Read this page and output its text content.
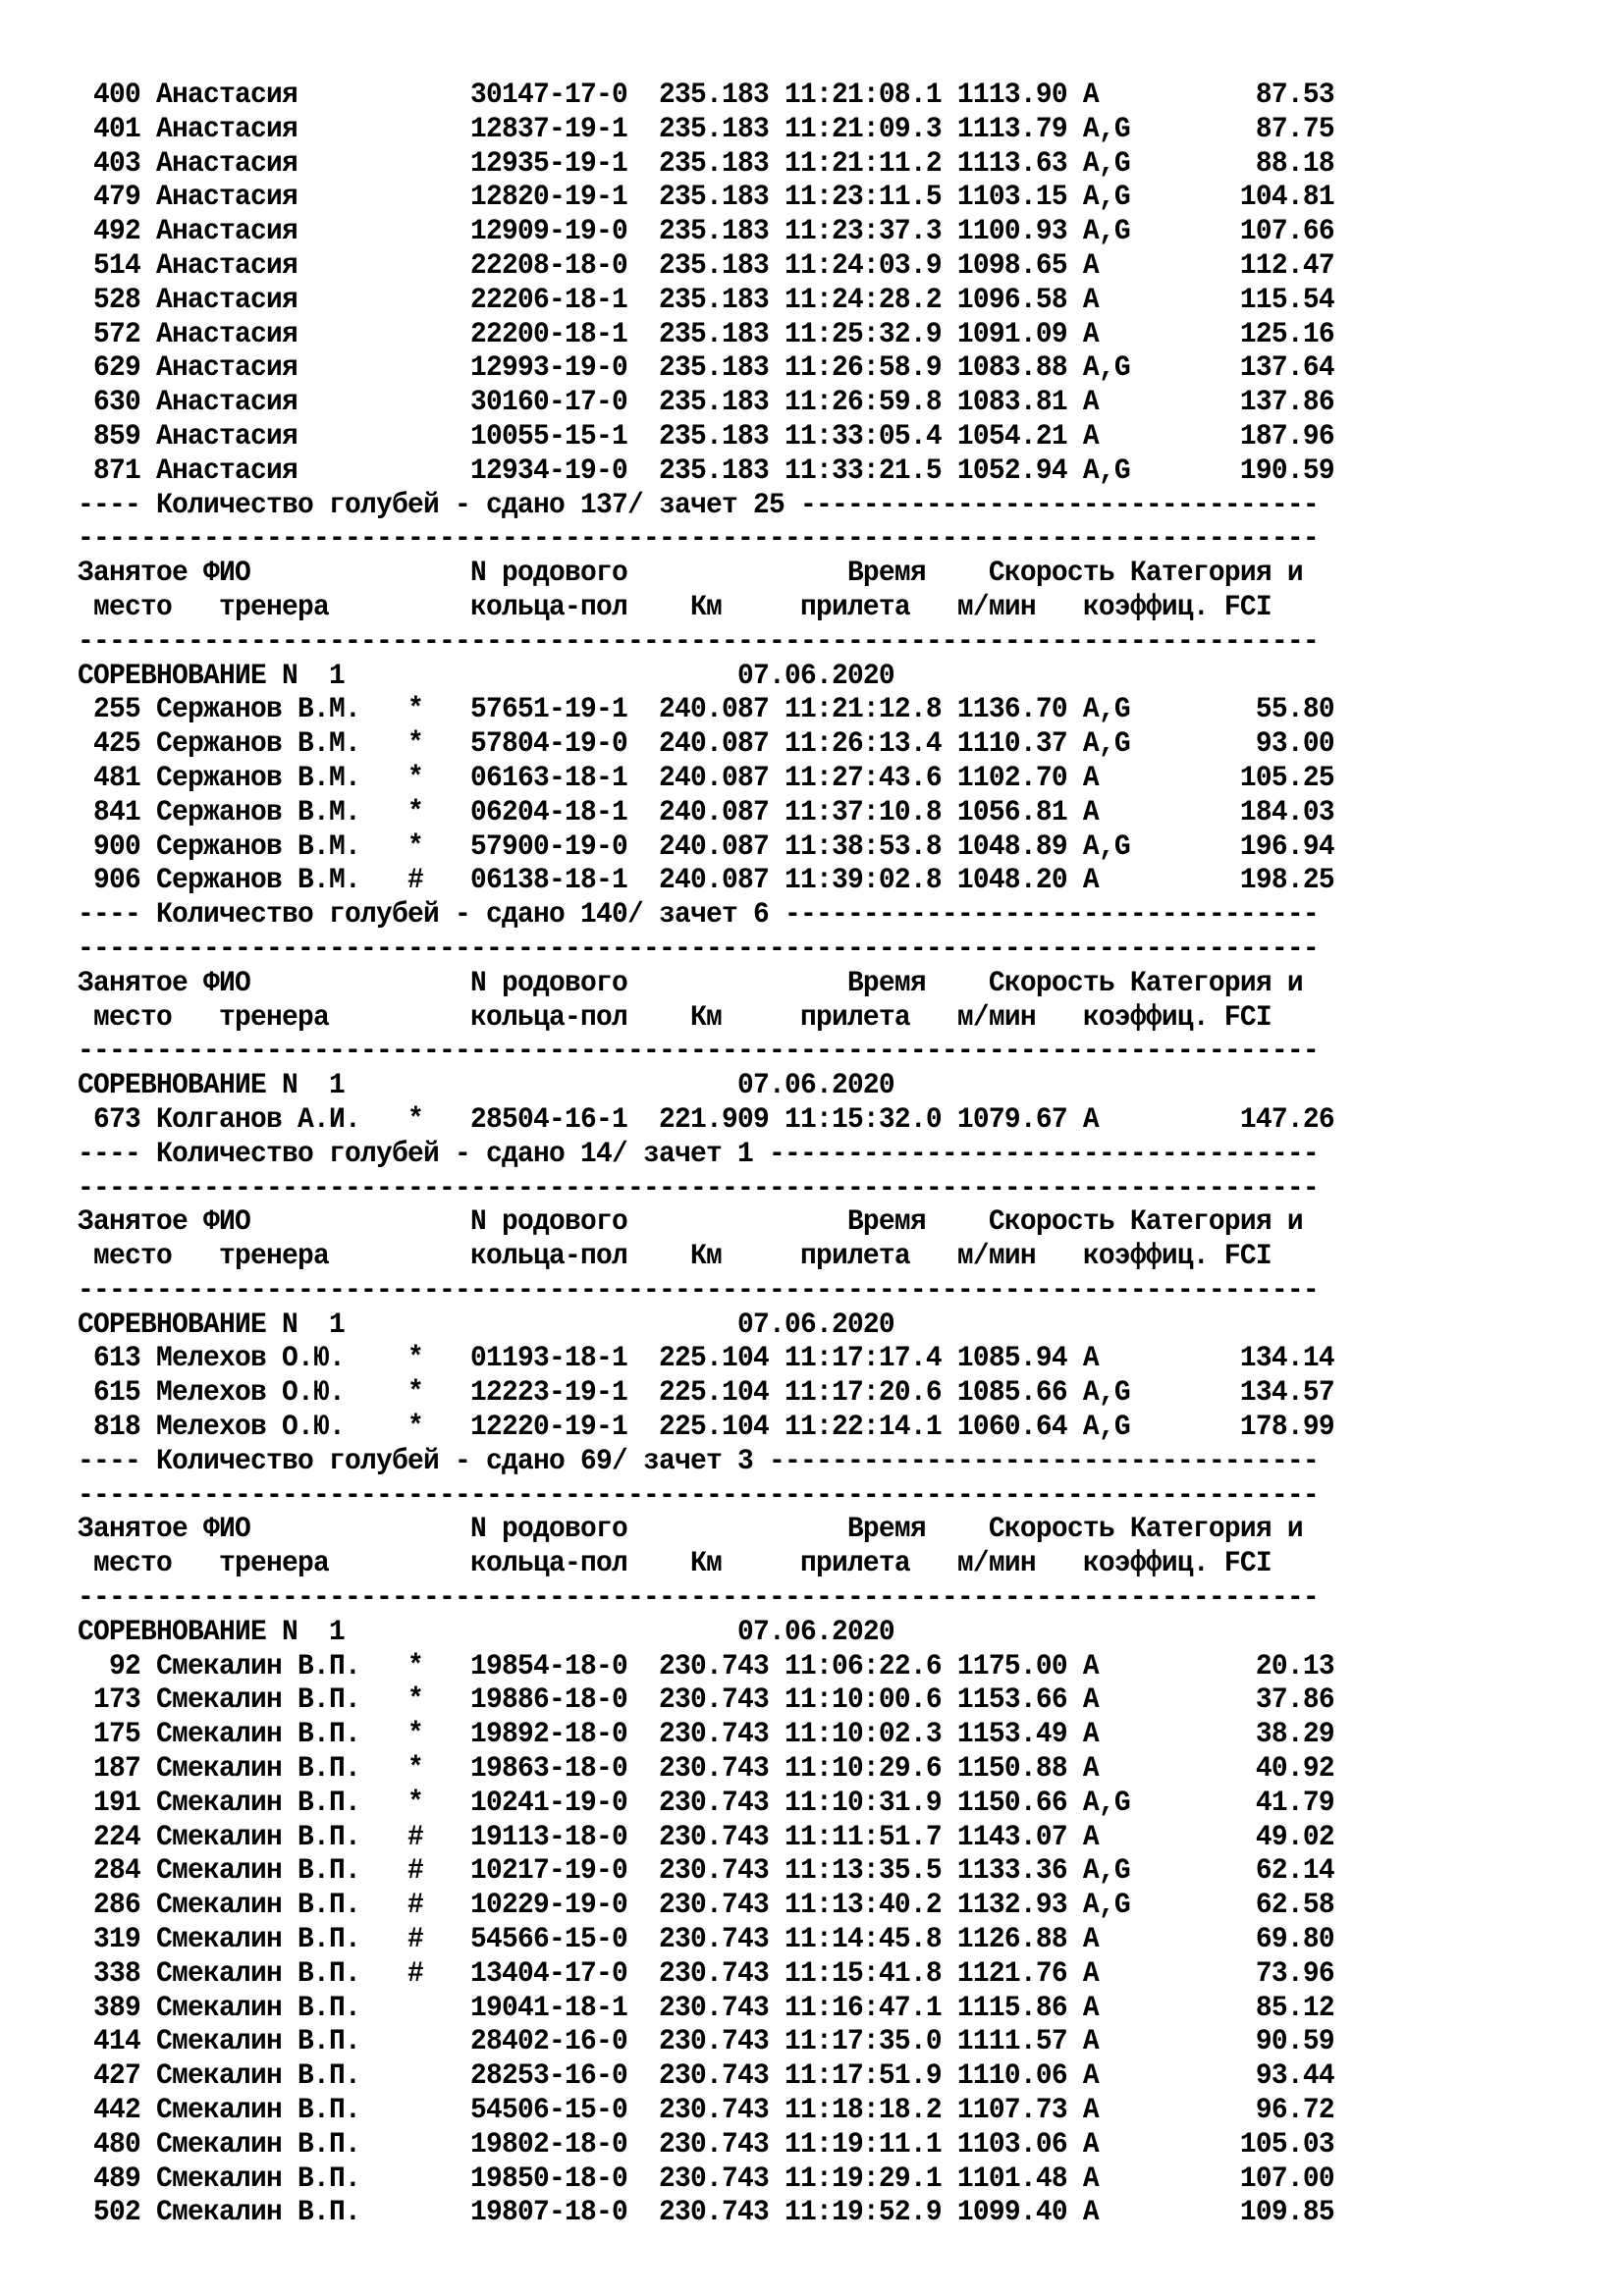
400 Анастасия           30147-17-0  235.183 11:21:08.1 1113.90 A          87.53
401 Анастасия           12837-19-1  235.183 11:21:09.3 1113.79 A,G        87.75
403 Анастасия           12935-19-1  235.183 11:21:11.2 1113.63 A,G        88.18
479 Анастасия           12820-19-1  235.183 11:23:11.5 1103.15 A,G       104.81
492 Анастасия           12909-19-0  235.183 11:23:37.3 1100.93 A,G       107.66
514 Анастасия           22208-18-0  235.183 11:24:03.9 1098.65 A         112.47
528 Анастасия           22206-18-1  235.183 11:24:28.2 1096.58 A         115.54
572 Анастасия           22200-18-1  235.183 11:25:32.9 1091.09 A         125.16
629 Анастасия           12993-19-0  235.183 11:26:58.9 1083.88 A,G       137.64
630 Анастасия           30160-17-0  235.183 11:26:59.8 1083.81 A         137.86
859 Анастасия           10055-15-1  235.183 11:33:05.4 1054.21 A         187.96
871 Анастасия           12934-19-0  235.183 11:33:21.5 1052.94 A,G       190.59
---- Количество голубей - сдано 137/ зачет 25 ---------------------------------
-------------------------------------------------------------------------------
Занятое ФИО              N родового              Время    Скорость Категория и
место   тренера         кольца-пол    Км     прилета   м/мин   коэффиц. FCI
-------------------------------------------------------------------------------
СОРЕВНОВАНИЕ N  1                         07.06.2020
255 Сержанов В.М.   *   57651-19-1  240.087 11:21:12.8 1136.70 A,G        55.80
425 Сержанов В.М.   *   57804-19-0  240.087 11:26:13.4 1110.37 A,G        93.00
481 Сержанов В.М.   *   06163-18-1  240.087 11:27:43.6 1102.70 A         105.25
841 Сержанов В.М.   *   06204-18-1  240.087 11:37:10.8 1056.81 A         184.03
900 Сержанов В.М.   *   57900-19-0  240.087 11:38:53.8 1048.89 A,G       196.94
906 Сержанов В.М.   #   06138-18-1  240.087 11:39:02.8 1048.20 A         198.25
---- Количество голубей - сдано 140/ зачет 6 ----------------------------------
-------------------------------------------------------------------------------
Занятое ФИО              N родового              Время    Скорость Категория и
место   тренера         кольца-пол    Км     прилета   м/мин   коэффиц. FCI
-------------------------------------------------------------------------------
СОРЕВНОВАНИЕ N  1                         07.06.2020
673 Колганов А.И.   *   28504-16-1  221.909 11:15:32.0 1079.67 A         147.26
---- Количество голубей - сдано 14/ зачет 1 -----------------------------------
-------------------------------------------------------------------------------
Занятое ФИО              N родового              Время    Скорость Категория и
место   тренера         кольца-пол    Км     прилета   м/мин   коэффиц. FCI
-------------------------------------------------------------------------------
СОРЕВНОВАНИЕ N  1                         07.06.2020
613 Мелехов О.Ю.    *   01193-18-1  225.104 11:17:17.4 1085.94 A         134.14
615 Мелехов О.Ю.    *   12223-19-1  225.104 11:17:20.6 1085.66 A,G       134.57
818 Мелехов О.Ю.    *   12220-19-1  225.104 11:22:14.1 1060.64 A,G       178.99
---- Количество голубей - сдано 69/ зачет 3 -----------------------------------
-------------------------------------------------------------------------------
Занятое ФИО              N родового              Время    Скорость Категория и
место   тренера         кольца-пол    Км     прилета   м/мин   коэффиц. FCI
-------------------------------------------------------------------------------
СОРЕВНОВАНИЕ N  1                         07.06.2020
92 Смекалин В.П.   *   19854-18-0  230.743 11:06:22.6 1175.00 A          20.13
173 Смекалин В.П.   *   19886-18-0  230.743 11:10:00.6 1153.66 A          37.86
175 Смекалин В.П.   *   19892-18-0  230.743 11:10:02.3 1153.49 A          38.29
187 Смекалин В.П.   *   19863-18-0  230.743 11:10:29.6 1150.88 A          40.92
191 Смекалин В.П.   *   10241-19-0  230.743 11:10:31.9 1150.66 A,G        41.79
224 Смекалин В.П.   #   19113-18-0  230.743 11:11:51.7 1143.07 A          49.02
284 Смекалин В.П.   #   10217-19-0  230.743 11:13:35.5 1133.36 A,G        62.14
286 Смекалин В.П.   #   10229-19-0  230.743 11:13:40.2 1132.93 A,G        62.58
319 Смекалин В.П.   #   54566-15-0  230.743 11:14:45.8 1126.88 A          69.80
338 Смекалин В.П.   #   13404-17-0  230.743 11:15:41.8 1121.76 A          73.96
389 Смекалин В.П.       19041-18-1  230.743 11:16:47.1 1115.86 A          85.12
414 Смекалин В.П.       28402-16-0  230.743 11:17:35.0 1111.57 A          90.59
427 Смекалин В.П.       28253-16-0  230.743 11:17:51.9 1110.06 A          93.44
442 Смекалин В.П.       54506-15-0  230.743 11:18:18.2 1107.73 A          96.72
480 Смекалин В.П.       19802-18-0  230.743 11:19:11.1 1103.06 A         105.03
489 Смекалин В.П.       19850-18-0  230.743 11:19:29.1 1101.48 A         107.00
502 Смекалин В.П.       19807-18-0  230.743 11:19:52.9 1099.40 A         109.85
